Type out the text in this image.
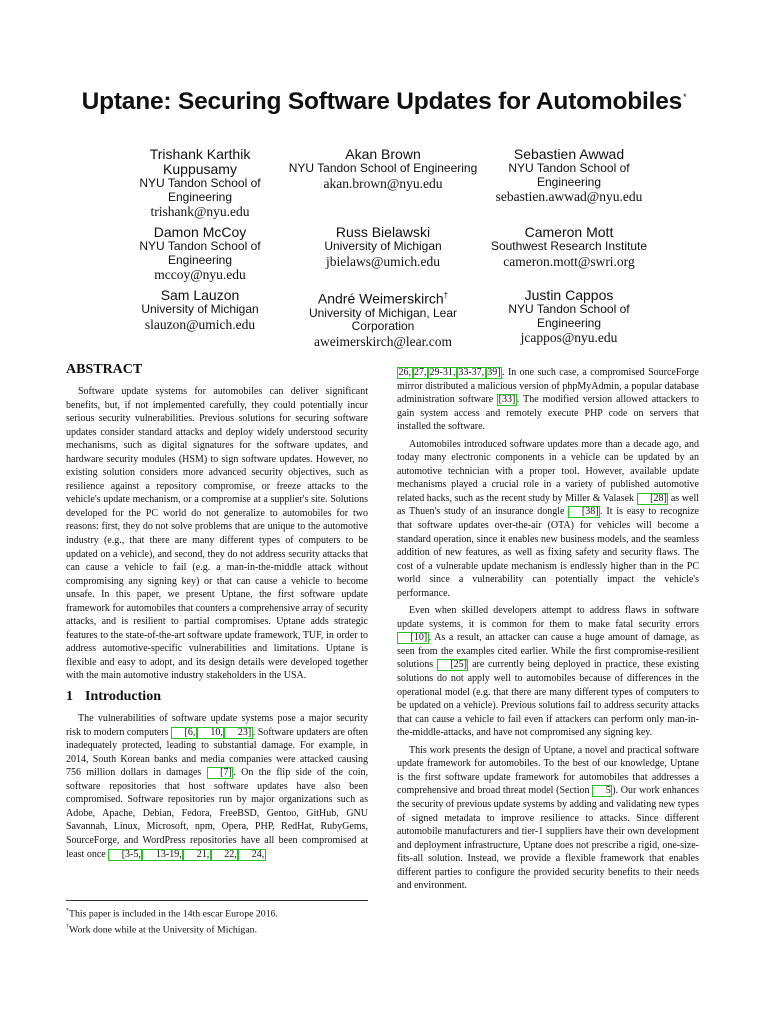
Uptane: Securing Software Updates for Automobiles*
Trishank Karthik Kuppusamy
NYU Tandon School of Engineering
trishank@nyu.edu
Akan Brown
NYU Tandon School of Engineering
akan.brown@nyu.edu
Sebastien Awwad
NYU Tandon School of Engineering
sebastien.awwad@nyu.edu
Damon McCoy
NYU Tandon School of Engineering
mccoy@nyu.edu
Russ Bielawski
University of Michigan
jbielaws@umich.edu
Cameron Mott
Southwest Research Institute
cameron.mott@swri.org
Sam Lauzon
University of Michigan
slauzon@umich.edu
André Weimerskirch†
University of Michigan, Lear Corporation
aweimerskirch@lear.com
Justin Cappos
NYU Tandon School of Engineering
jcappos@nyu.edu
ABSTRACT

Software update systems for automobiles can deliver significant benefits, but, if not implemented carefully, they could potentially incur serious security vulnerabilities. Previous solutions for securing software updates consider standard attacks and deploy widely understood security mechanisms, such as digital signatures for the software updates, and hardware security modules (HSM) to sign software updates. However, no existing solution considers more advanced security objectives, such as resilience against a repository compromise, or freeze attacks to the vehicle's update mechanism, or a compromise at a supplier's site. Solutions developed for the PC world do not generalize to automobiles for two reasons: first, they do not solve problems that are unique to the automotive industry (e.g., that there are many different types of computers to be updated on a vehicle), and second, they do not address security attacks that can cause a vehicle to fail (e.g. a man-in-the-middle attack without compromising any signing key) or that can cause a vehicle to become unsafe. In this paper, we present Uptane, the first software update framework for automobiles that counters a comprehensive array of security attacks, and is resilient to partial compromises. Uptane adds strategic features to the state-of-the-art software update framework, TUF, in order to address automotive-specific vulnerabilities and limitations. Uptane is flexible and easy to adopt, and its design details were developed together with the main automotive industry stakeholders in the USA.

1 Introduction

The vulnerabilities of software update systems pose a major security risk to modern computers [6, 10, 23] . Software updaters are often inadequately protected, leading to substantial damage. For example, in 2014, South Korean banks and media companies were attacked causing 756 million dollars in damages [7] . On the flip side of the coin, software repositories that host software updates have also been compromised. Software repositories run by major organizations such as Adobe, Apache, Debian, Fedora, FreeBSD, Gentoo, GitHub, GNU Savannah, Linux, Microsoft, npm, Opera, PHP, RedHat, RubyGems, SourceForge, and WordPress repositories have all been compromised at least once [3-5, 13-19, 21, 22, 24,

*This paper is included in the 14th escar Europe 2016.
†Work done while at the University of Michigan.

26, 27, 29-31, 33-37, 39] . In one such case, a compromised SourceForge mirror distributed a malicious version of phpMyAdmin, a popular database administration software [33] . The modified version allowed attackers to gain system access and remotely execute PHP code on servers that installed the software.

Automobiles introduced software updates more than a decade ago, and today many electronic components in a vehicle can be updated by an automotive technician with a proper tool. However, available update mechanisms played a crucial role in a variety of published automotive related hacks, such as the recent study by Miller & Valasek [28] as well as Thuen's study of an insurance dongle [38] . It is easy to recognize that software updates over-the-air (OTA) for vehicles will become a standard operation, since it enables new business models, and the seamless addition of new features, as well as fixing safety and security flaws. The cost of a vulnerable update mechanism is endlessly higher than in the PC world since a vulnerability can potentially impact the vehicle's performance.

Even when skilled developers attempt to address flaws in software update systems, it is common for them to make fatal security errors [10] . As a result, an attacker can cause a huge amount of damage, as seen from the examples cited earlier. While the first compromise-resilient solutions [25] are currently being deployed in practice, these existing solutions do not apply well to automobiles because of differences in the operational model (e.g. that there are many different types of computers to be updated on a vehicle). Previous solutions fail to address security attacks that can cause a vehicle to fail even if attackers can perform only man-in-the-middle-attacks, and have not compromised any signing key.

This work presents the design of Uptane, a novel and practical software update framework for automobiles. To the best of our knowledge, Uptane is the first software update framework for automobiles that addresses a comprehensive and broad threat model (Section 5 ). Our work enhances the security of previous update systems by adding and validating new types of signed metadata to improve resilience to attacks. Since different automobile manufacturers and tier-1 suppliers have their own development and deployment infrastructure, Uptane does not prescribe a rigid, one-size-fits-all solution. Instead, we provide a flexible framework that enables different parties to configure the provided security benefits to their needs and environment.
